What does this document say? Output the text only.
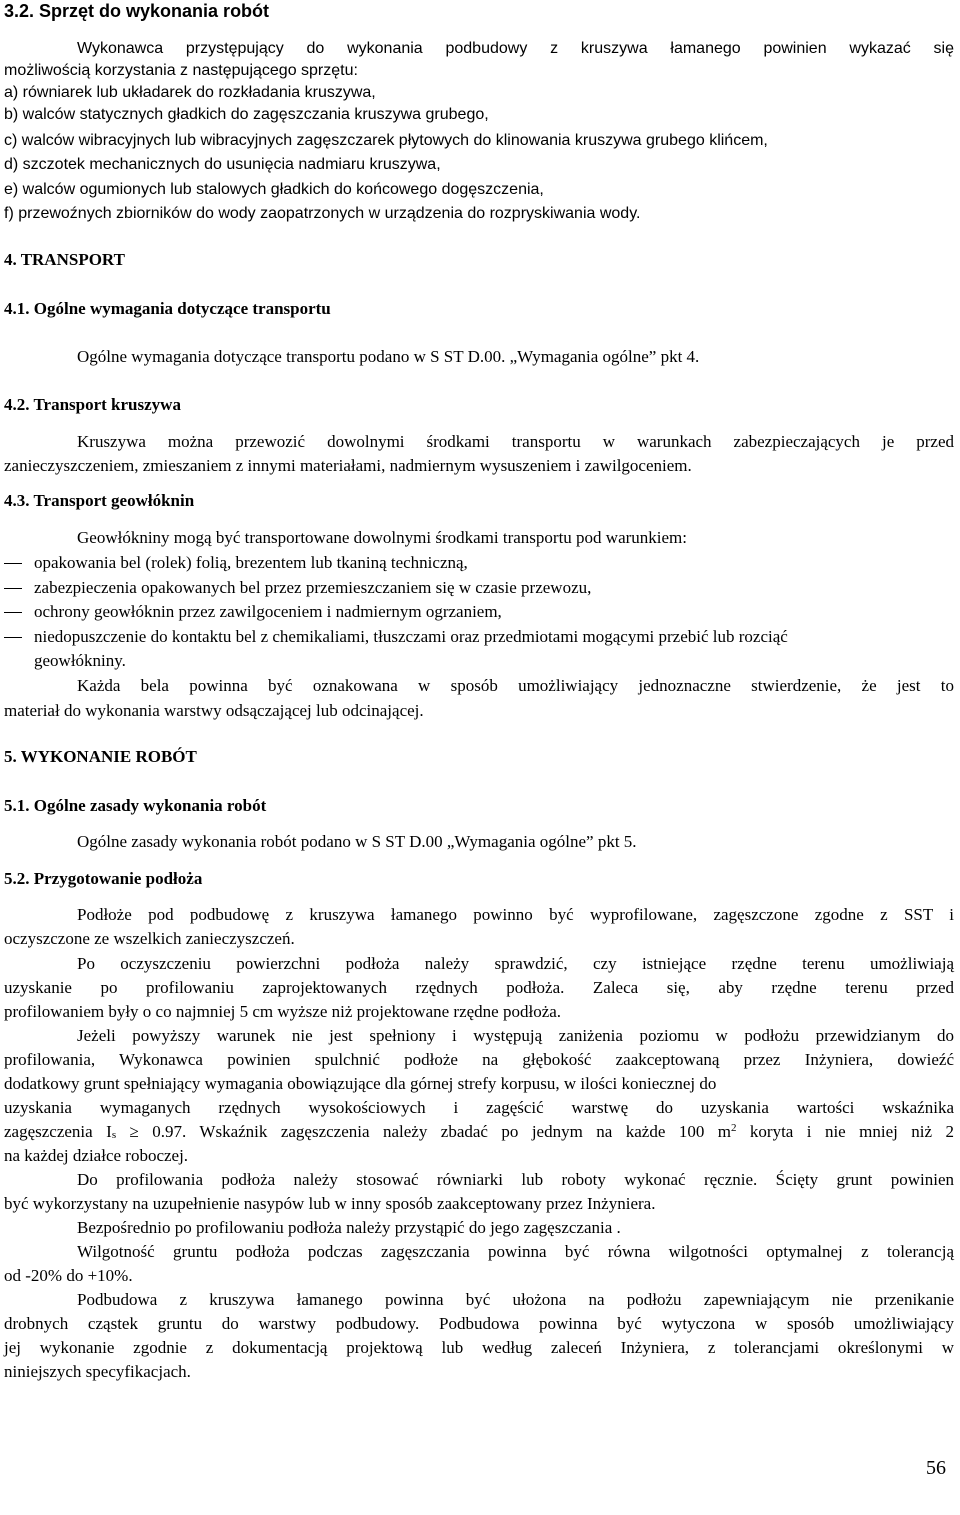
3.2. Sprzęt do wykonania robót
Wykonawca przystępujący do wykonania podbudowy z kruszywa łamanego powinien wykazać się
możliwością korzystania z następującego sprzętu:
a) równiarek lub układarek do rozkładania kruszywa,
b) walców statycznych gładkich do zagęszczania kruszywa grubego,
c) walców wibracyjnych lub wibracyjnych zagęszczarek płytowych do klinowania kruszywa grubego klińcem,
d) szczotek mechanicznych do usunięcia nadmiaru kruszywa,
e) walców ogumionych lub stalowych gładkich do końcowego dogęszczenia,
f) przewoźnych zbiorników do wody zaopatrzonych w urządzenia do rozpryskiwania wody.
4. TRANSPORT
4.1. Ogólne wymagania dotyczące transportu
Ogólne wymagania dotyczące transportu podano w S ST D.00. „Wymagania ogólne” pkt 4.
4.2. Transport kruszywa
Kruszywa można przewozić dowolnymi środkami transportu w warunkach zabezpieczających je przed
zanieczyszczeniem, zmieszaniem z innymi materiałami, nadmiernym wysuszeniem i zawilgoceniem.
4.3. Transport geowłóknin
Geowłókniny mogą być transportowane dowolnymi środkami transportu pod warunkiem:
opakowania bel (rolek) folią, brezentem lub tkaniną techniczną,
zabezpieczenia opakowanych bel przez przemieszczaniem się w czasie przewozu,
ochrony geowłóknin przez zawilgoceniem i nadmiernym ogrzaniem,
niedopuszczenie do kontaktu bel z chemikaliami, tłuszczami oraz przedmiotami mogącymi przebić lub rozciąć
geowłókniny.
Każda bela powinna być oznakowana w sposób umożliwiający jednoznaczne stwierdzenie, że jest to
materiał do wykonania warstwy odsączającej lub odcinającej.
5. WYKONANIE ROBÓT
5.1. Ogólne zasady wykonania robót
Ogólne zasady wykonania robót podano w S ST D.00 „Wymagania ogólne” pkt 5.
5.2. Przygotowanie podłoża
Podłoże pod podbudowę z kruszywa łamanego powinno być wyprofilowane, zagęszczone zgodne z SST i
oczyszczone ze wszelkich zanieczyszczeń.
Po oczyszczeniu powierzchni podłoża należy sprawdzić, czy istniejące rzędne terenu umożliwiają
uzyskanie po profilowaniu zaprojektowanych rzędnych podłoża. Zaleca się, aby rzędne terenu przed
profilowaniem były o co najmniej 5 cm wyższe niż projektowane rzędne podłoża.
Jeżeli powyższy warunek nie jest spełniony i występują zaniżenia poziomu w podłożu przewidzianym do
profilowania, Wykonawca powinien spulchnić podłoże na głębokość zaakceptowaną przez Inżyniera, dowieźć
dodatkowy grunt spełniający wymagania obowiązujące dla górnej strefy korpusu, w ilości koniecznej do
uzyskania wymaganych rzędnych wysokościowych i zagęścić warstwę do uzyskania wartości wskaźnika
zagęszczenia $I_s \ge 0.97$. Wskaźnik zagęszczenia należy zbadać po jednym na każde 100 $m^2$ koryta i nie mniej niż 2
na każdej działce roboczej.
Do profilowania podłoża należy stosować równiarki lub roboty wykonać ręcznie. Ścięty grunt powinien
być wykorzystany na uzupełnienie nasypów lub w inny sposób zaakceptowany przez Inżyniera.
Bezpośrednio po profilowaniu podłoża należy przystąpić do jego zagęszczania .
Wilgotność gruntu podłoża podczas zagęszczania powinna być równa wilgotności optymalnej z tolerancją
od -20% do +10%.
Podbudowa z kruszywa łamanego powinna być ułożona na podłożu zapewniającym nie przenikanie
drobnych cząstek gruntu do warstwy podbudowy. Podbudowa powinna być wytyczona w sposób umożliwiający
jej wykonanie zgodnie z dokumentacją projektową lub według zaleceń Inżyniera, z tolerancjami określonymi w
niniejszych specyfikacjach.
56
